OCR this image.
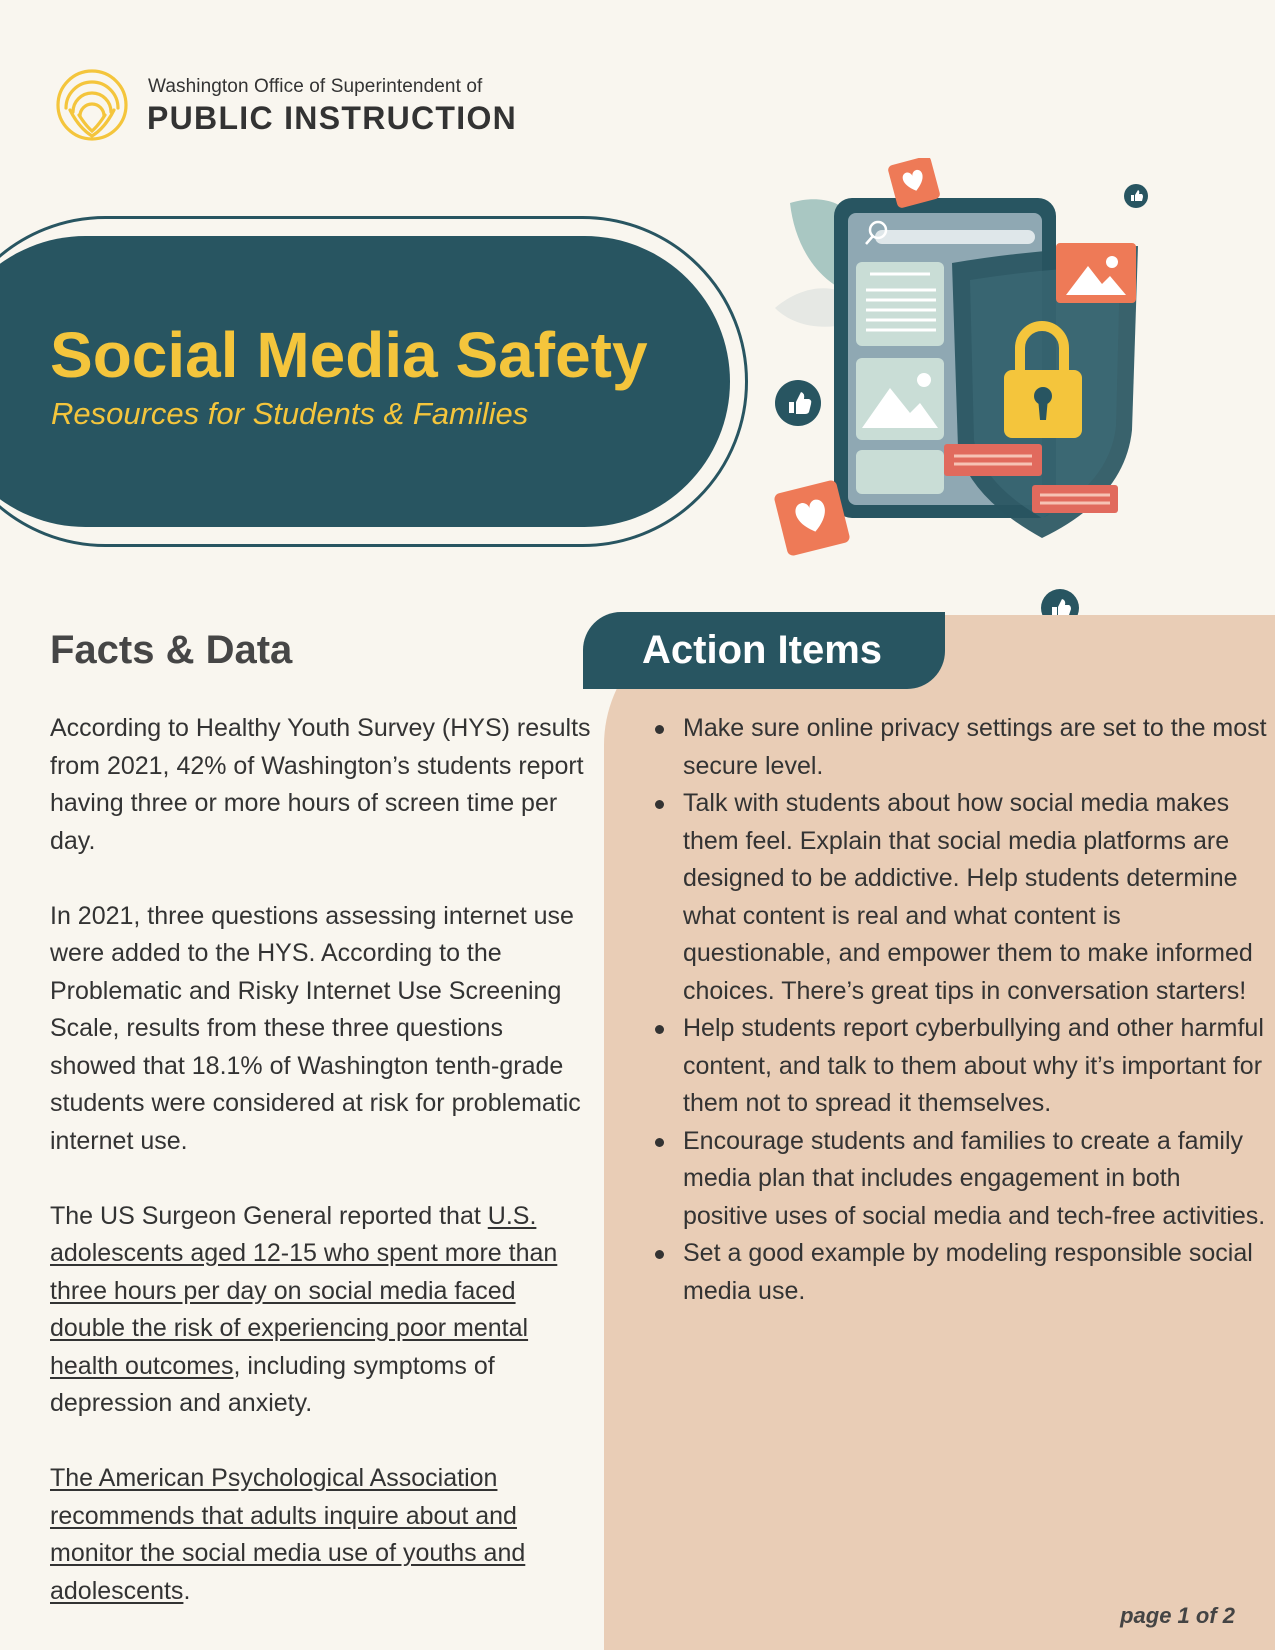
Washington Office of Superintendent of
PUBLIC INSTRUCTION
Social Media Safety
Resources for Students & Families
Action Items
Facts & Data

According to Healthy Youth Survey (HYS) results from 2021, 42% of Washington’s students report having three or more hours of screen time per day.

In 2021, three questions assessing internet use were added to the HYS. According to the Problematic and Risky Internet Use Screening Scale, results from these three questions showed that 18.1% of Washington tenth-grade students were considered at risk for problematic internet use.

The US Surgeon General reported that U.S. adolescents aged 12-15 who spent more than three hours per day on social media faced double the risk of experiencing poor mental health outcomes, including symptoms of depression and anxiety.

The American Psychological Association recommends that adults inquire about and monitor the social media use of youths and adolescents.

Make sure online privacy settings are set to the most secure level.
Talk with students about how social media makes them feel. Explain that social media platforms are designed to be addictive. Help students determine what content is real and what content is questionable, and empower them to make informed choices. There’s great tips in conversation starters!
Help students report cyberbullying and other harmful content, and talk to them about why it’s important for them not to spread it themselves.
Encourage students and families to create a family media plan that includes engagement in both positive uses of social media and tech-free activities.
Set a good example by modeling responsible social media use.
page 1 of 2
